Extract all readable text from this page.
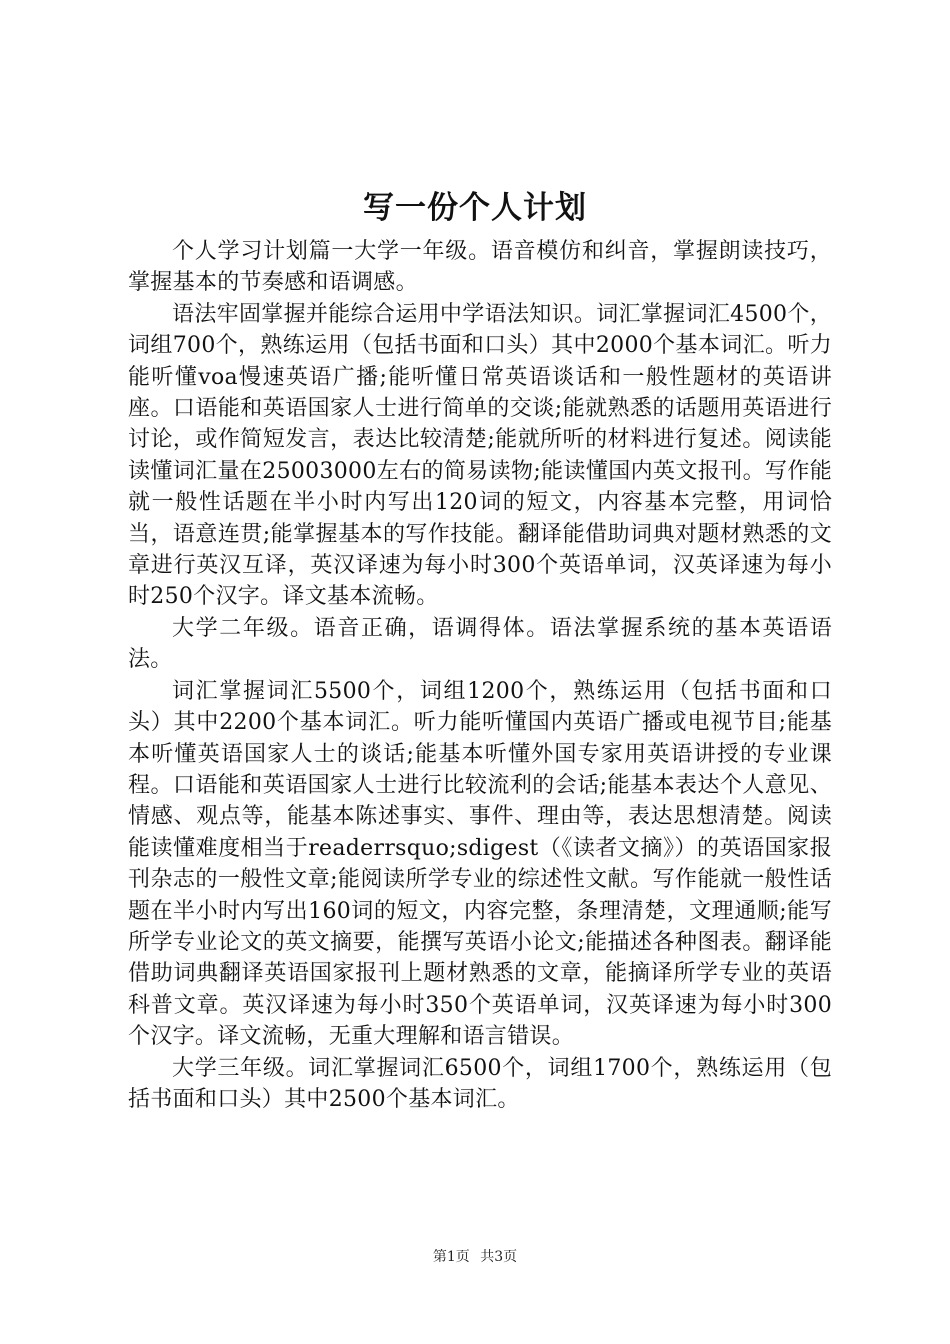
写一份个人计划

个人学习计划篇一大学一年级。语音模仿和纠音，掌握朗读技巧，掌握基本的节奏感和语调感。

语法牢固掌握并能综合运用中学语法知识。词汇掌握词汇4500个，词组700个，熟练运用（包括书面和口头）其中2000个基本词汇。听力能听懂voa慢速英语广播;能听懂日常英语谈话和一般性题材的英语讲座。口语能和英语国家人士进行简单的交谈;能就熟悉的话题用英语进行讨论，或作简短发言，表达比较清楚;能就所听的材料进行复述。阅读能读懂词汇量在25003000左右的简易读物;能读懂国内英文报刊。写作能就一般性话题在半小时内写出120词的短文，内容基本完整，用词恰当，语意连贯;能掌握基本的写作技能。翻译能借助词典对题材熟悉的文章进行英汉互译，英汉译速为每小时300个英语单词，汉英译速为每小时250个汉字。译文基本流畅。

大学二年级。语音正确，语调得体。语法掌握系统的基本英语语法。

词汇掌握词汇5500个，词组1200个，熟练运用（包括书面和口头）其中2200个基本词汇。听力能听懂国内英语广播或电视节目;能基本听懂英语国家人士的谈话;能基本听懂外国专家用英语讲授的专业课程。口语能和英语国家人士进行比较流利的会话;能基本表达个人意见、情感、观点等，能基本陈述事实、事件、理由等，表达思想清楚。阅读能读懂难度相当于readerrsquo;sdigest（《读者文摘》）的英语国家报刊杂志的一般性文章;能阅读所学专业的综述性文献。写作能就一般性话题在半小时内写出160词的短文，内容完整，条理清楚，文理通顺;能写所学专业论文的英文摘要，能撰写英语小论文;能描述各种图表。翻译能借助词典翻译英语国家报刊上题材熟悉的文章，能摘译所学专业的英语科普文章。英汉译速为每小时350个英语单词，汉英译速为每小时300个汉字。译文流畅，无重大理解和语言错误。

大学三年级。词汇掌握词汇6500个，词组1700个，熟练运用（包括书面和口头）其中2500个基本词汇。

第1页 共3页
